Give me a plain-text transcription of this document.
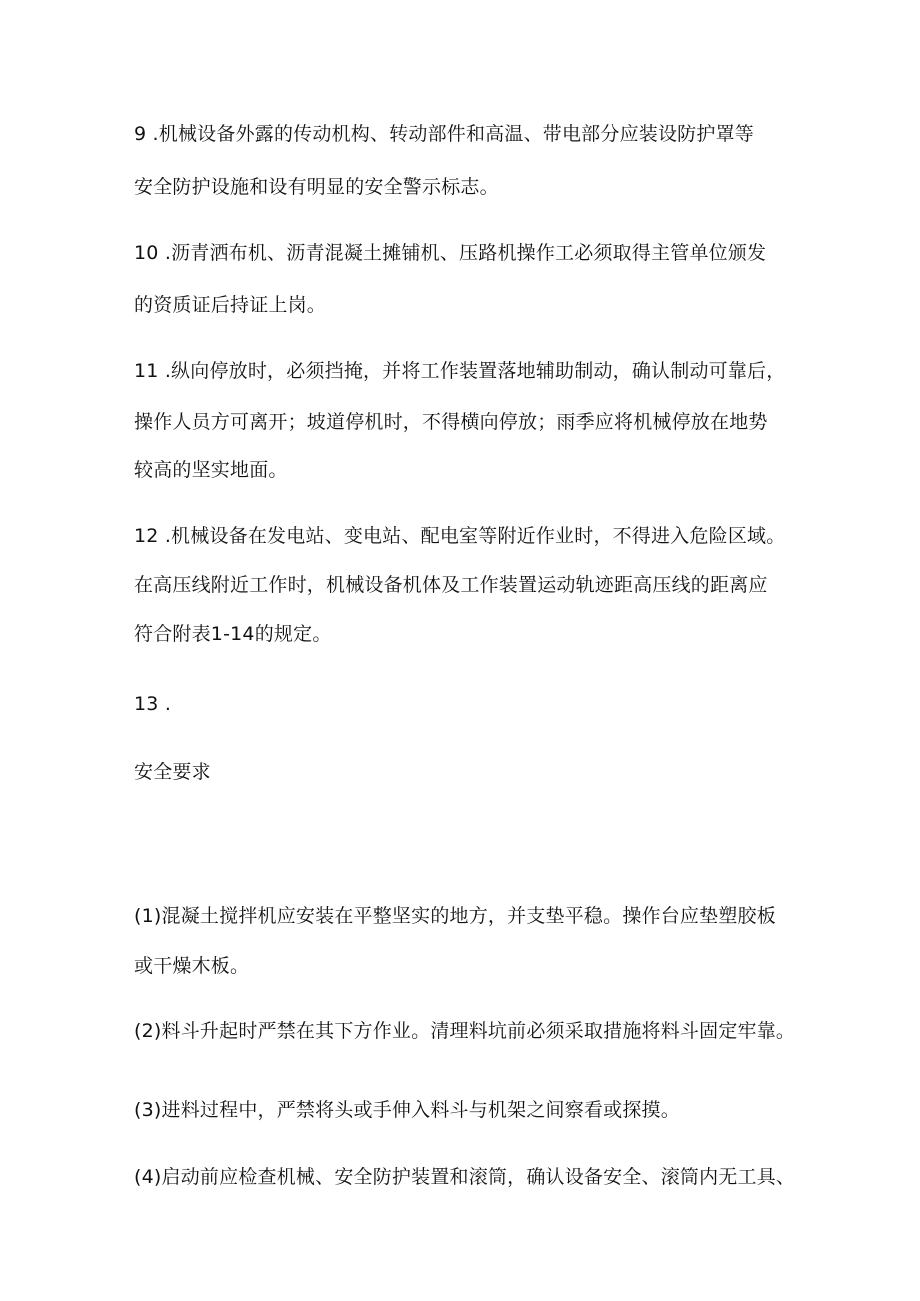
9 .机械设备外露的传动机构、转动部件和高温、带电部分应装设防护罩等
安全防护设施和设有明显的安全警示标志。
10 .沥青洒布机、沥青混凝土摊铺机、压路机操作工必须取得主管单位颁发
的资质证后持证上岗。
11 .纵向停放时，必须挡掩，并将工作装置落地辅助制动，确认制动可靠后，
操作人员方可离开；坡道停机时，不得横向停放；雨季应将机械停放在地势
较高的坚实地面。
12 .机械设备在发电站、变电站、配电室等附近作业时，不得进入危险区域。
在高压线附近工作时，机械设备机体及工作装置运动轨迹距高压线的距离应
符合附表1-14的规定。
13 .
安全要求
(1)混凝土搅拌机应安装在平整坚实的地方，并支垫平稳。操作台应垫塑胶板
或干燥木板。
(2)料斗升起时严禁在其下方作业。清理料坑前必须采取措施将料斗固定牢靠。
(3)进料过程中，严禁将头或手伸入料斗与机架之间察看或探摸。
(4)启动前应检查机械、安全防护装置和滚筒，确认设备安全、滚筒内无工具、
